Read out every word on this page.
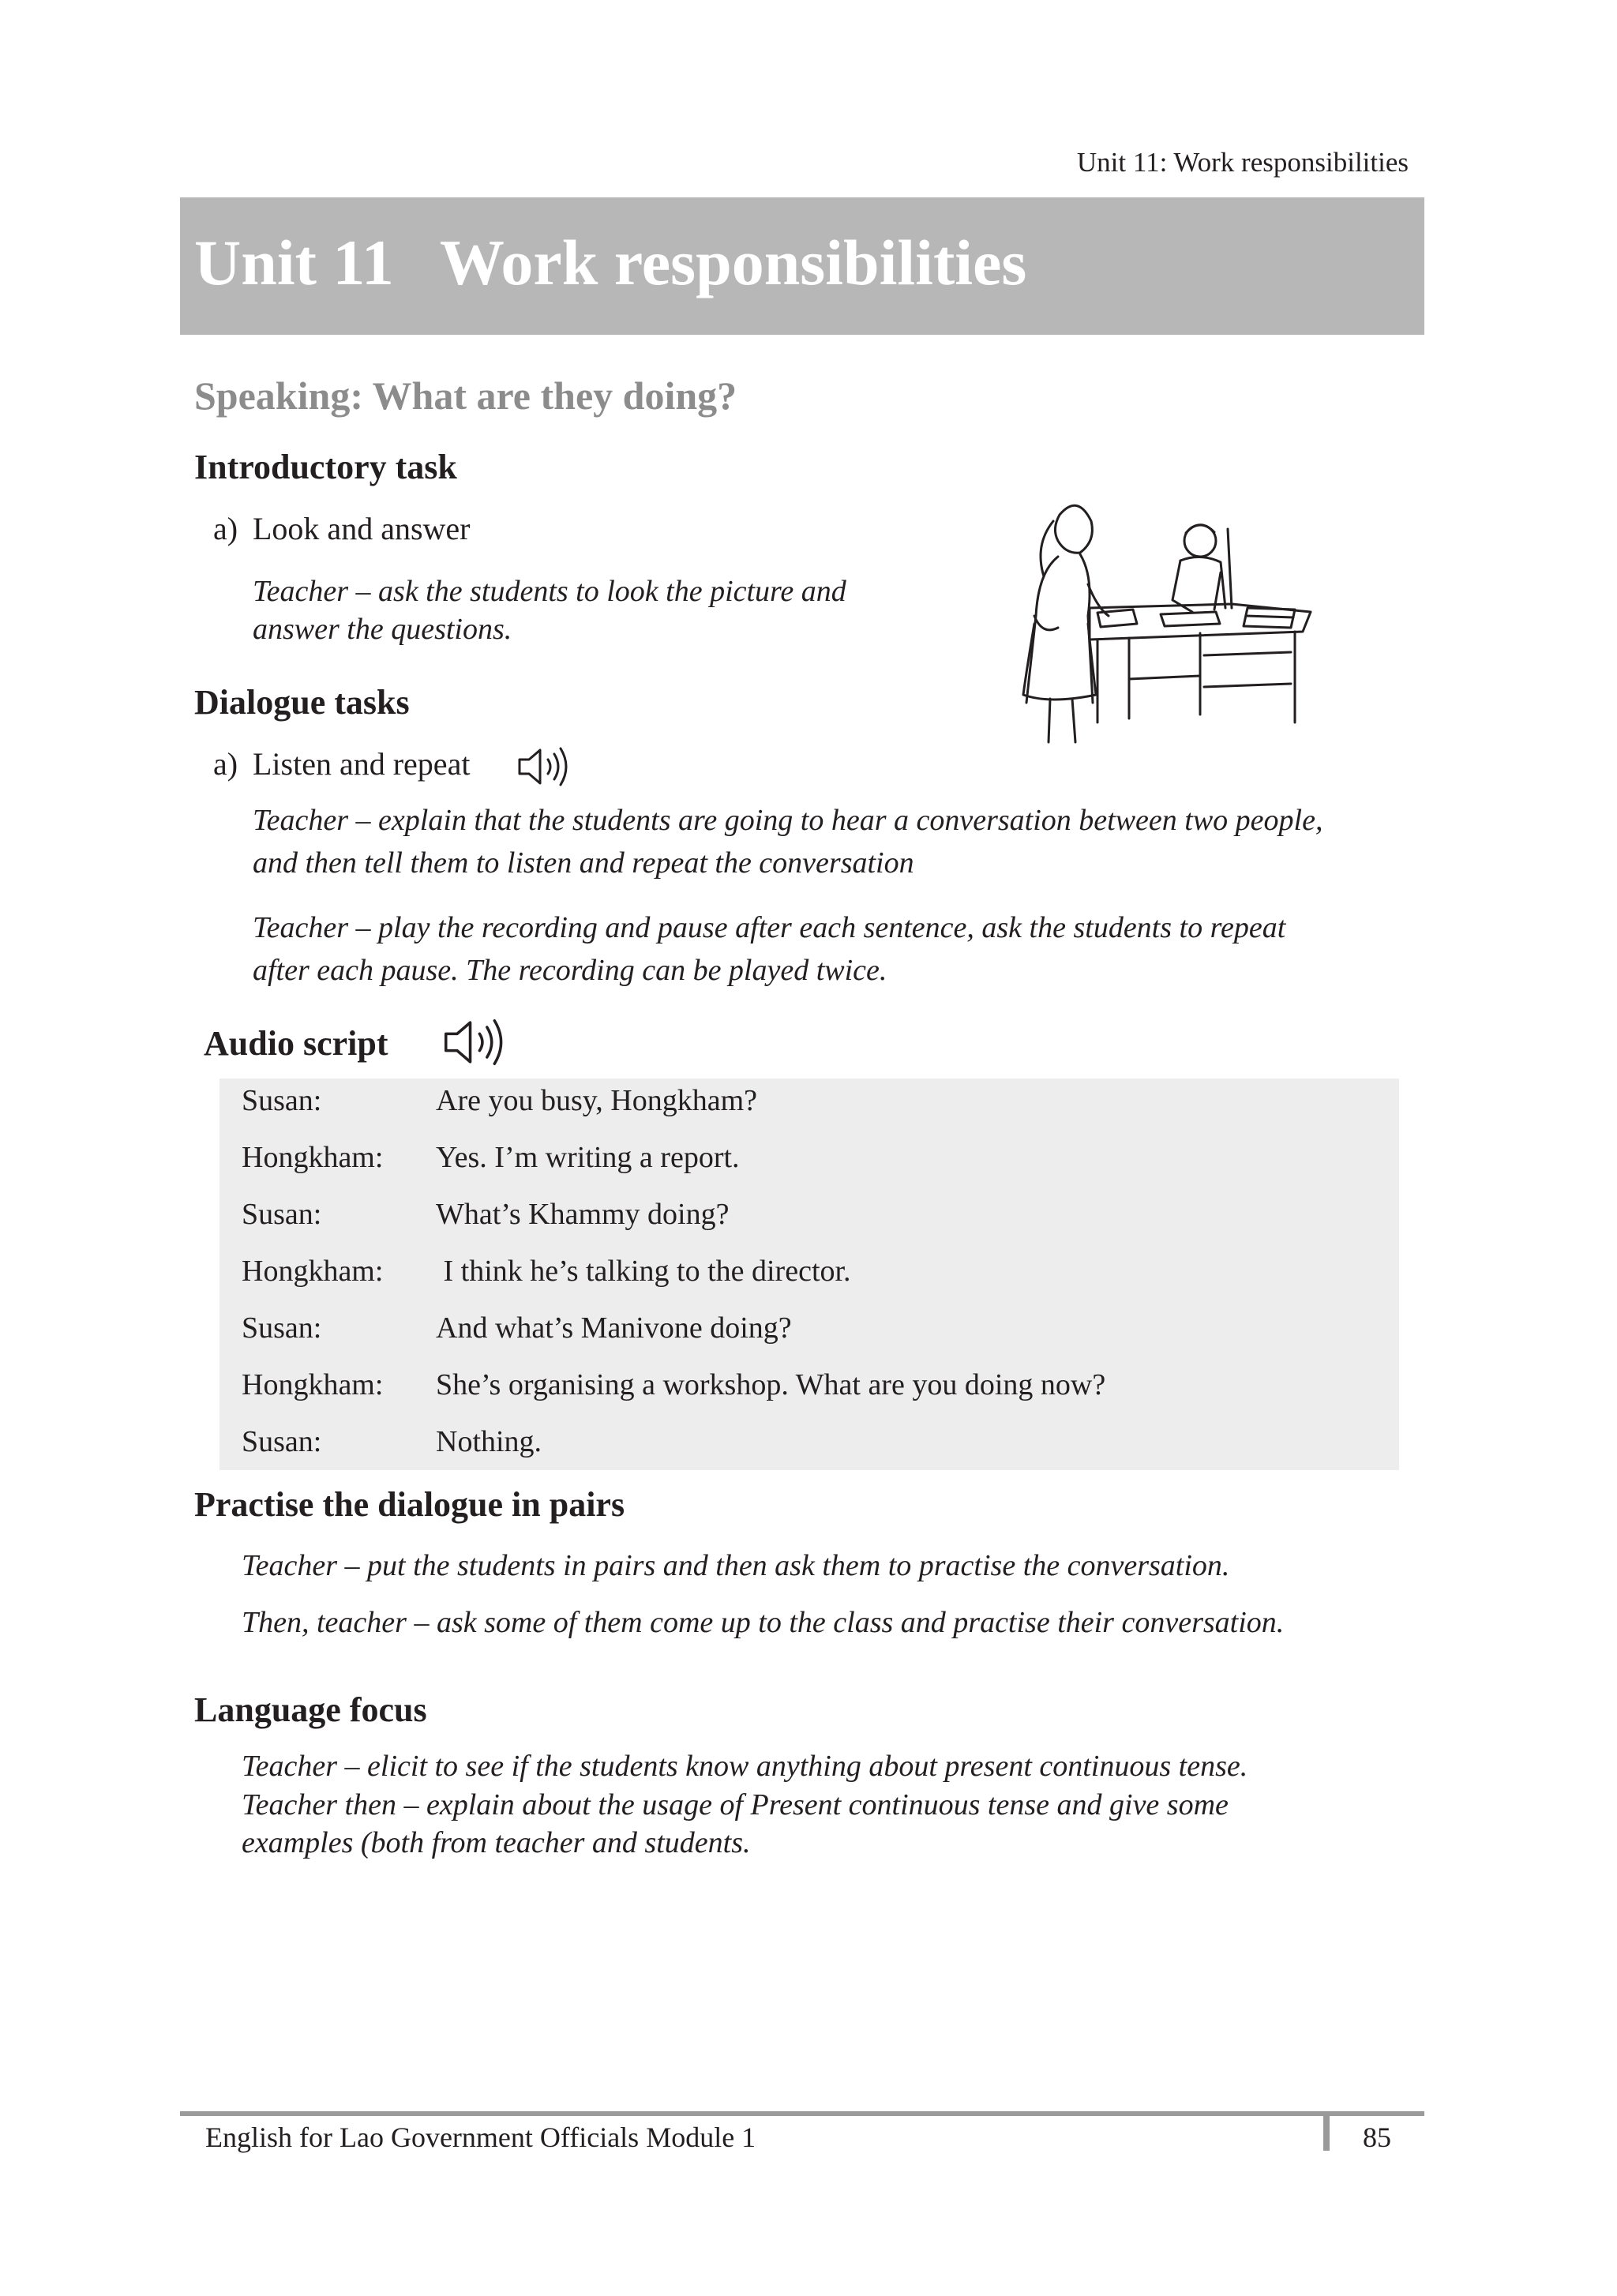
Unit 11: Work responsibilities
Unit 11 Work responsibilities
Speaking: What are they doing?
Introductory task
a) Look and answer
Teacher – ask the students to look the picture and
answer the questions.
Dialogue tasks
a) Listen and repeat
Teacher – explain that the students are going to hear a conversation between two people,
and then tell them to listen and repeat the conversation
Teacher – play the recording and pause after each sentence, ask the students to repeat
after each pause. The recording can be played twice.
Audio script
Susan:	Are you busy, Hongkham?
Hongkham: Yes. I’m writing a report.
Susan:	What’s Khammy doing?
Hongkham: I think he’s talking to the director.
Susan:	And what’s Manivone doing?
Hongkham: She’s organising a workshop. What are you doing now?
Susan:	Nothing.
Practise the dialogue in pairs
Teacher – put the students in pairs and then ask them to practise the conversation.
Then, teacher – ask some of them come up to the class and practise their conversation.
Language focus
Teacher – elicit to see if the students know anything about present continuous tense.
Teacher then – explain about the usage of Present continuous tense and give some
examples (both from teacher and students.
English for Lao Government Officials Module 1	85
